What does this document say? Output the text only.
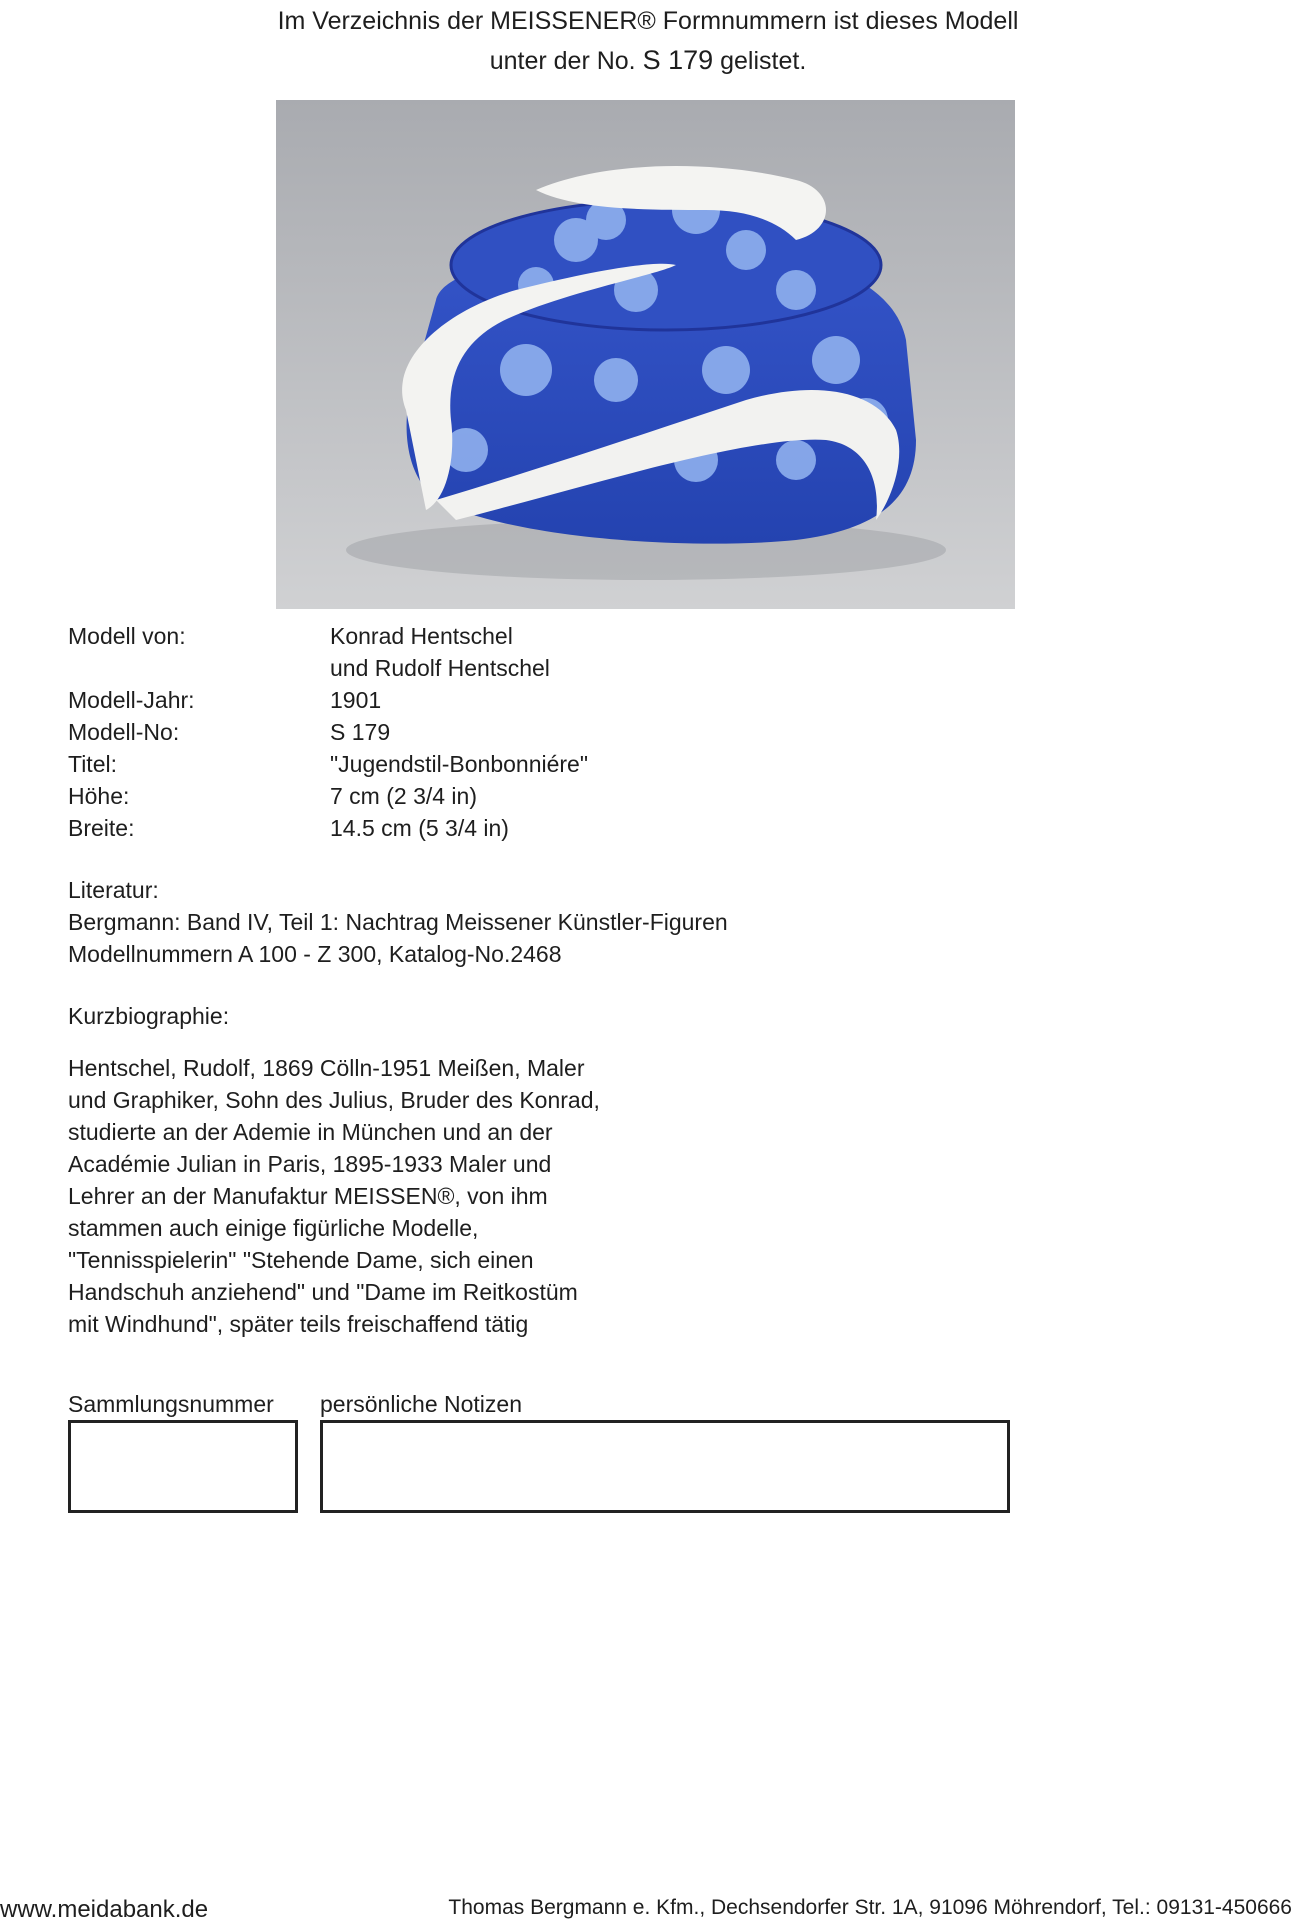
Im Verzeichnis der MEISSENER® Formnummern ist dieses Modell
unter der No. S 179 gelistet.
Modell von:	Konrad Hentschel
und Rudolf Hentschel
Modell-Jahr:	1901
Modell-No:	S 179
Titel:	"Jugendstil-Bonbonniére"
Höhe:	7 cm (2 3/4 in)
Breite:	14.5 cm (5 3/4 in)
Literatur:
Bergmann: Band IV, Teil 1: Nachtrag Meissener Künstler-Figuren
Modellnummern A 100 - Z 300, Katalog-No.2468
Kurzbiographie:
Hentschel, Rudolf, 1869 Cölln-1951 Meißen, Maler
und Graphiker, Sohn des Julius, Bruder des Konrad,
studierte an der Ademie in München und an der
Académie Julian in Paris, 1895-1933 Maler und
Lehrer an der Manufaktur MEISSEN®, von ihm
stammen auch einige figürliche Modelle,
"Tennisspielerin" "Stehende Dame, sich einen
Handschuh anziehend" und "Dame im Reitkostüm
mit Windhund", später teils freischaffend tätig
Sammlungsnummer persönliche Notizen
www.meidabank.de	Thomas Bergmann e. Kfm., Dechsendorfer Str. 1A, 91096 Möhrendorf, Tel.: 09131-450666
